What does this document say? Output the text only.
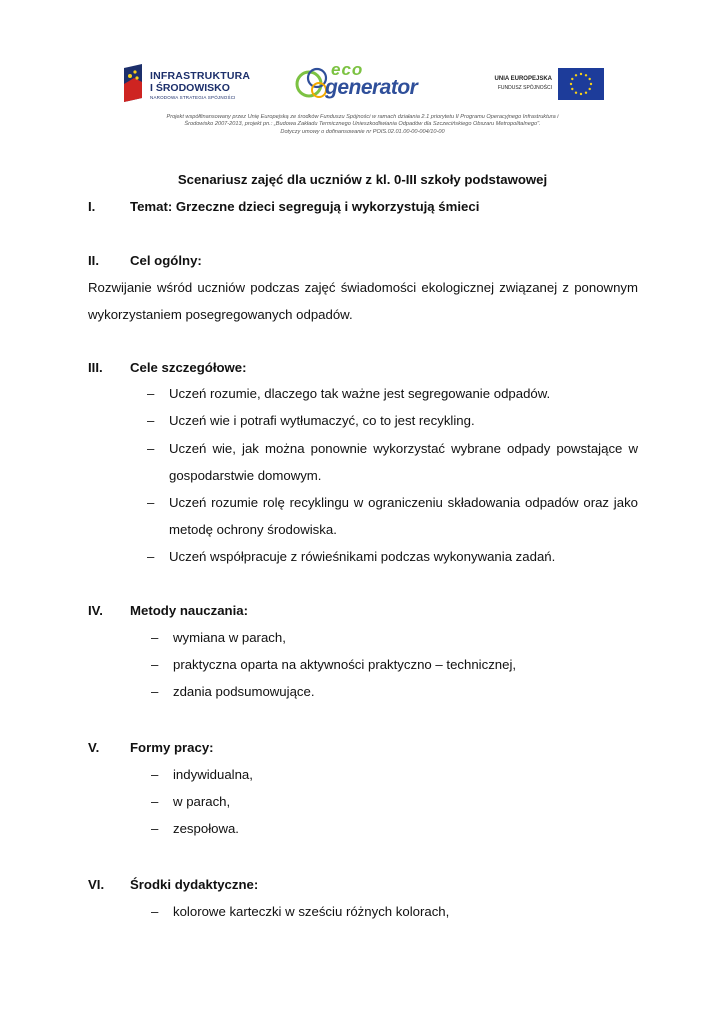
INFRASTRUKTURA
I ŚRODOWISKO
NARODOWA STRATEGIA SPÓJNOŚCI
eco
generator	UNIA EUROPEJSKA
FUNDUSZ SPÓJNOŚCI
Projekt współfinansowany przez Unię Europejską ze środków Funduszu Spójności w ramach działania 2.1 priorytetu II Programu Operacyjnego Infrastruktura i
Środowisko 2007-2013, projekt pn.: „Budowa Zakładu Termicznego Unieszkodliwiania Odpadów dla Szczecińskiego Obszaru Metropolitalnego".
Dotyczy umowy o dofinansowanie nr POIS.02.01.00-00-004/10-00
Scenariusz zajęć dla uczniów z kl. 0-III szkoły podstawowej
I.	Temat: Grzeczne dzieci segregują i wykorzystują śmieci
II. Cel ogólny:
Rozwijanie wśród uczniów podczas zajęć świadomości ekologicznej związanej z ponownym wykorzystaniem posegregowanych odpadów.
III. Cele szczegółowe:
– Uczeń rozumie, dlaczego tak ważne jest segregowanie odpadów.
– Uczeń wie i potrafi wytłumaczyć, co to jest recykling.
– Uczeń wie, jak można ponownie wykorzystać wybrane odpady powstające w gospodarstwie domowym.
– Uczeń rozumie rolę recyklingu w ograniczeniu składowania odpadów oraz jako metodę ochrony środowiska.
– Uczeń współpracuje z rówieśnikami podczas wykonywania zadań.
IV. Metody nauczania:
– wymiana w parach,
– praktyczna oparta na aktywności praktyczno – technicznej,
– zdania podsumowujące.
V. Formy pracy:
– indywidualna,
– w parach,
– zespołowa.
VI. Środki dydaktyczne:
– kolorowe karteczki w sześciu różnych kolorach,
